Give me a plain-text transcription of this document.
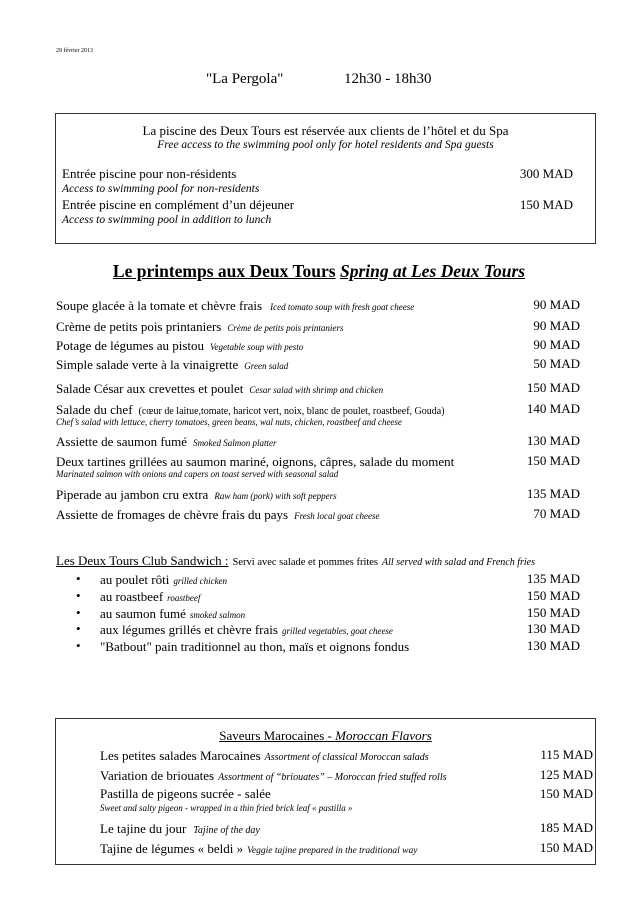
29 février 2013
"La Pergola"	12h30 - 18h30
La piscine des Deux Tours est réservée aux clients de l’hôtel et du Spa
Free access to the swimming pool only for hotel residents and Spa guests
Entrée piscine pour non-résidents	300 MAD
Access to swimming pool for non-residents
Entrée piscine en complément d’un déjeuner	150 MAD
Access to swimming pool in addition to lunch
Le printemps aux Deux Tours Spring at Les Deux Tours
Soupe glacée à la tomate et chèvre frais Iced tomato soup with fresh goat cheese	90 MAD
Crème de petits pois printaniers Crème de petits pois printaniers	90 MAD
Potage de légumes au pistou Vegetable soup with pesto	90 MAD
Simple salade verte à la vinaigrette Green salad	50 MAD
Salade César aux crevettes et poulet Cesar salad with shrimp and chicken	150 MAD
Salade du chef (cœur de laitue,tomate, haricot vert, noix, blanc de poulet, roastbeef, Gouda)	140 MAD
Chef’s salad with lettuce, cherry tomatoes, green beans, wal nuts, chicken, roastbeef and cheese
Assiette de saumon fumé Smoked Salmon platter	130 MAD
Deux tartines grillées au saumon mariné, oignons, câpres, salade du moment	150 MAD
Marinated salmon with onions and capers on toast served with seasonal salad
Piperade au jambon cru extra Raw ham (pork) with soft peppers	135 MAD
Assiette de fromages de chèvre frais du pays Fresh local goat cheese	70 MAD
Les Deux Tours Club Sandwich : Servi avec salade et pommes frites All served with salad and French fries
• au poulet rôti grilled chicken	135 MAD
• au roastbeef roastbeef	150 MAD
• au saumon fumé smoked salmon	150 MAD
• aux légumes grillés et chèvre frais grilled vegetables, goat cheese	130 MAD
• "Batbout" pain traditionnel au thon, maïs et oignons fondus	130 MAD
Saveurs Marocaines - Moroccan Flavors
Les petites salades Marocaines Assortment of classical Moroccan salads	115 MAD
Variation de briouates Assortment of “briouates” – Moroccan fried stuffed rolls	125 MAD
Pastilla de pigeons sucrée - salée	150 MAD
Sweet and salty pigeon - wrapped in a thin fried brick leaf « pastilla »
Le tajine du jour Tajine of the day	185 MAD
Tajine de légumes « beldi » Veggie tajine prepared in the traditional way	150 MAD
